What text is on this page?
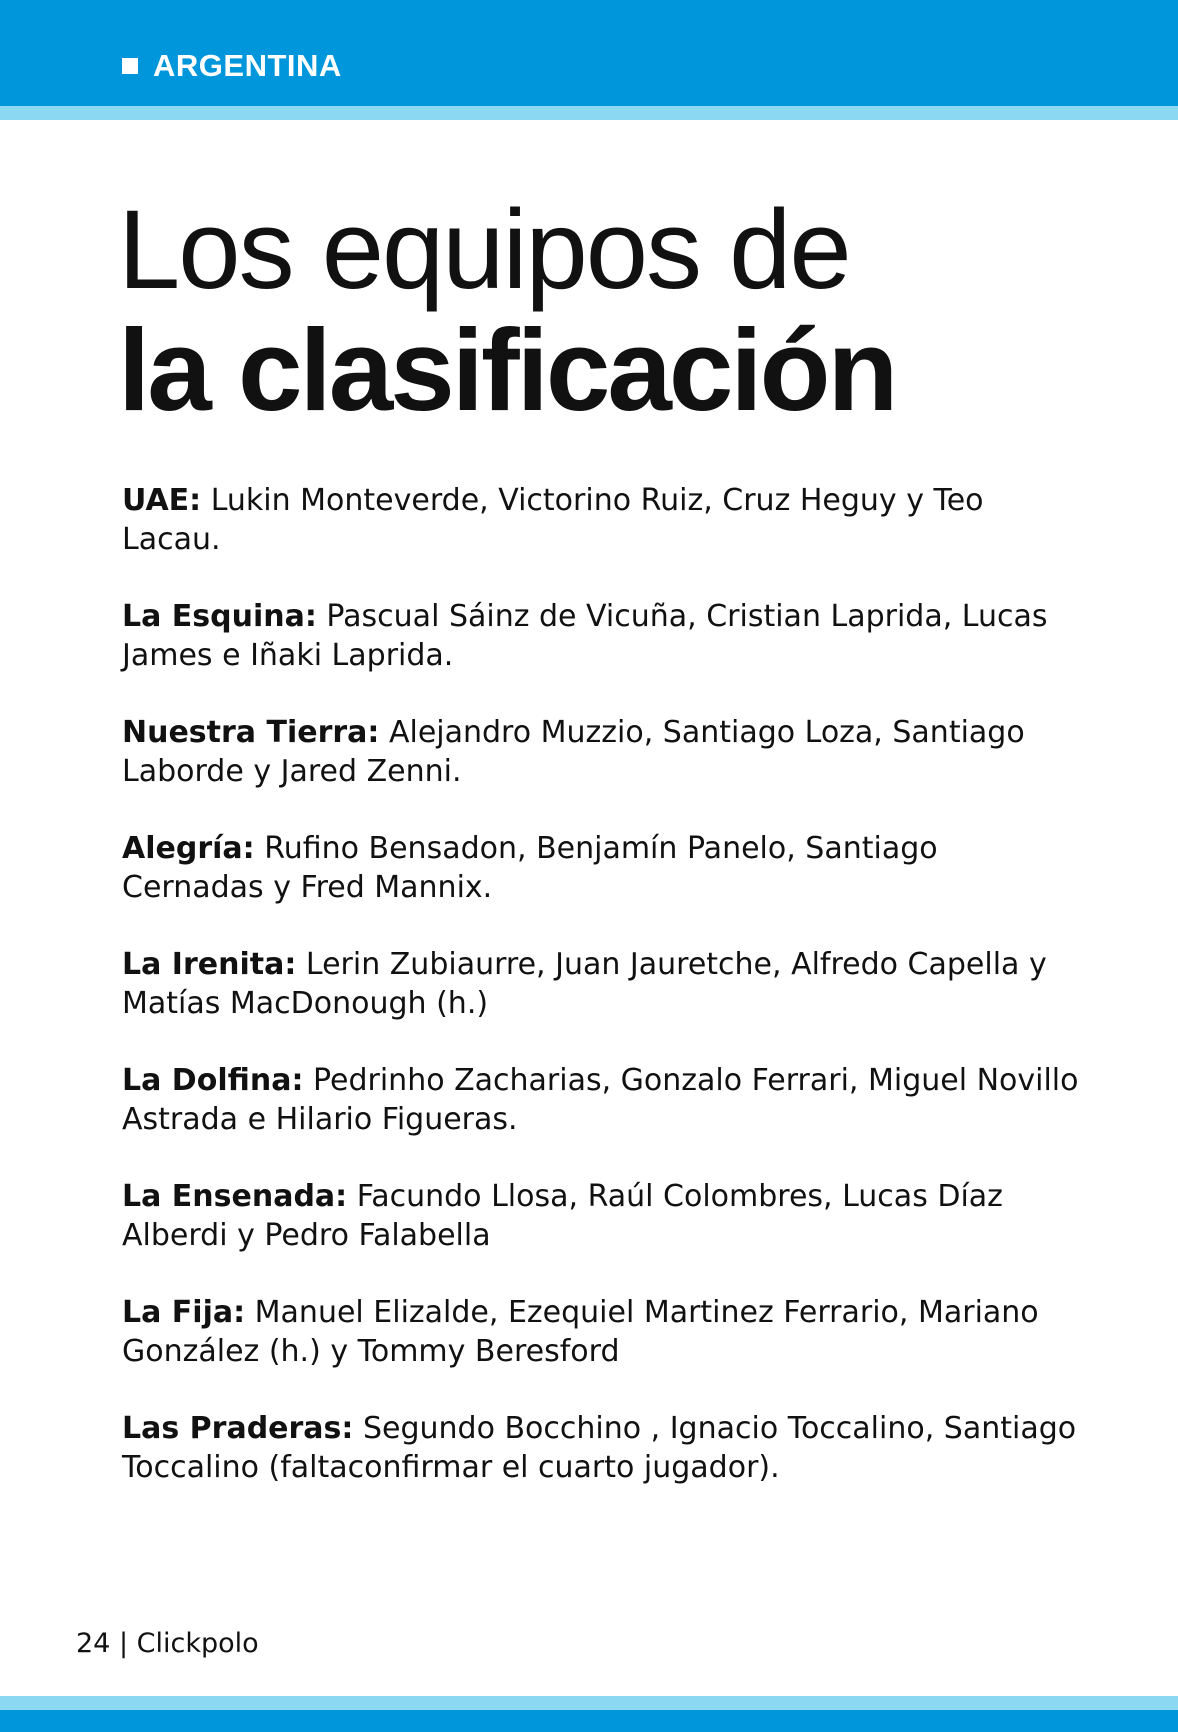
ARGENTINA
Los equipos de
la clasificación
UAE: Lukin Monteverde, Victorino Ruiz, Cruz Heguy y Teo Lacau.
La Esquina: Pascual Sáinz de Vicuña, Cristian Laprida, Lucas James e Iñaki Laprida.
Nuestra Tierra: Alejandro Muzzio, Santiago Loza, Santiago Laborde y Jared Zenni.
Alegría: Rufino Bensadon, Benjamín Panelo, Santiago Cernadas y Fred Mannix.
La Irenita: Lerin Zubiaurre, Juan Jauretche, Alfredo Capella y Matías MacDonough (h.)
La Dolfina: Pedrinho Zacharias, Gonzalo Ferrari, Miguel Novillo Astrada e Hilario Figueras.
La Ensenada: Facundo Llosa, Raúl Colombres, Lucas Díaz Alberdi y Pedro Falabella
La Fija: Manuel Elizalde, Ezequiel Martinez Ferrario, Mariano González (h.) y Tommy Beresford
Las Praderas: Segundo Bocchino , Ignacio Toccalino, Santiago Toccalino (faltaconfirmar el cuarto jugador).
24 | Clickpolo
